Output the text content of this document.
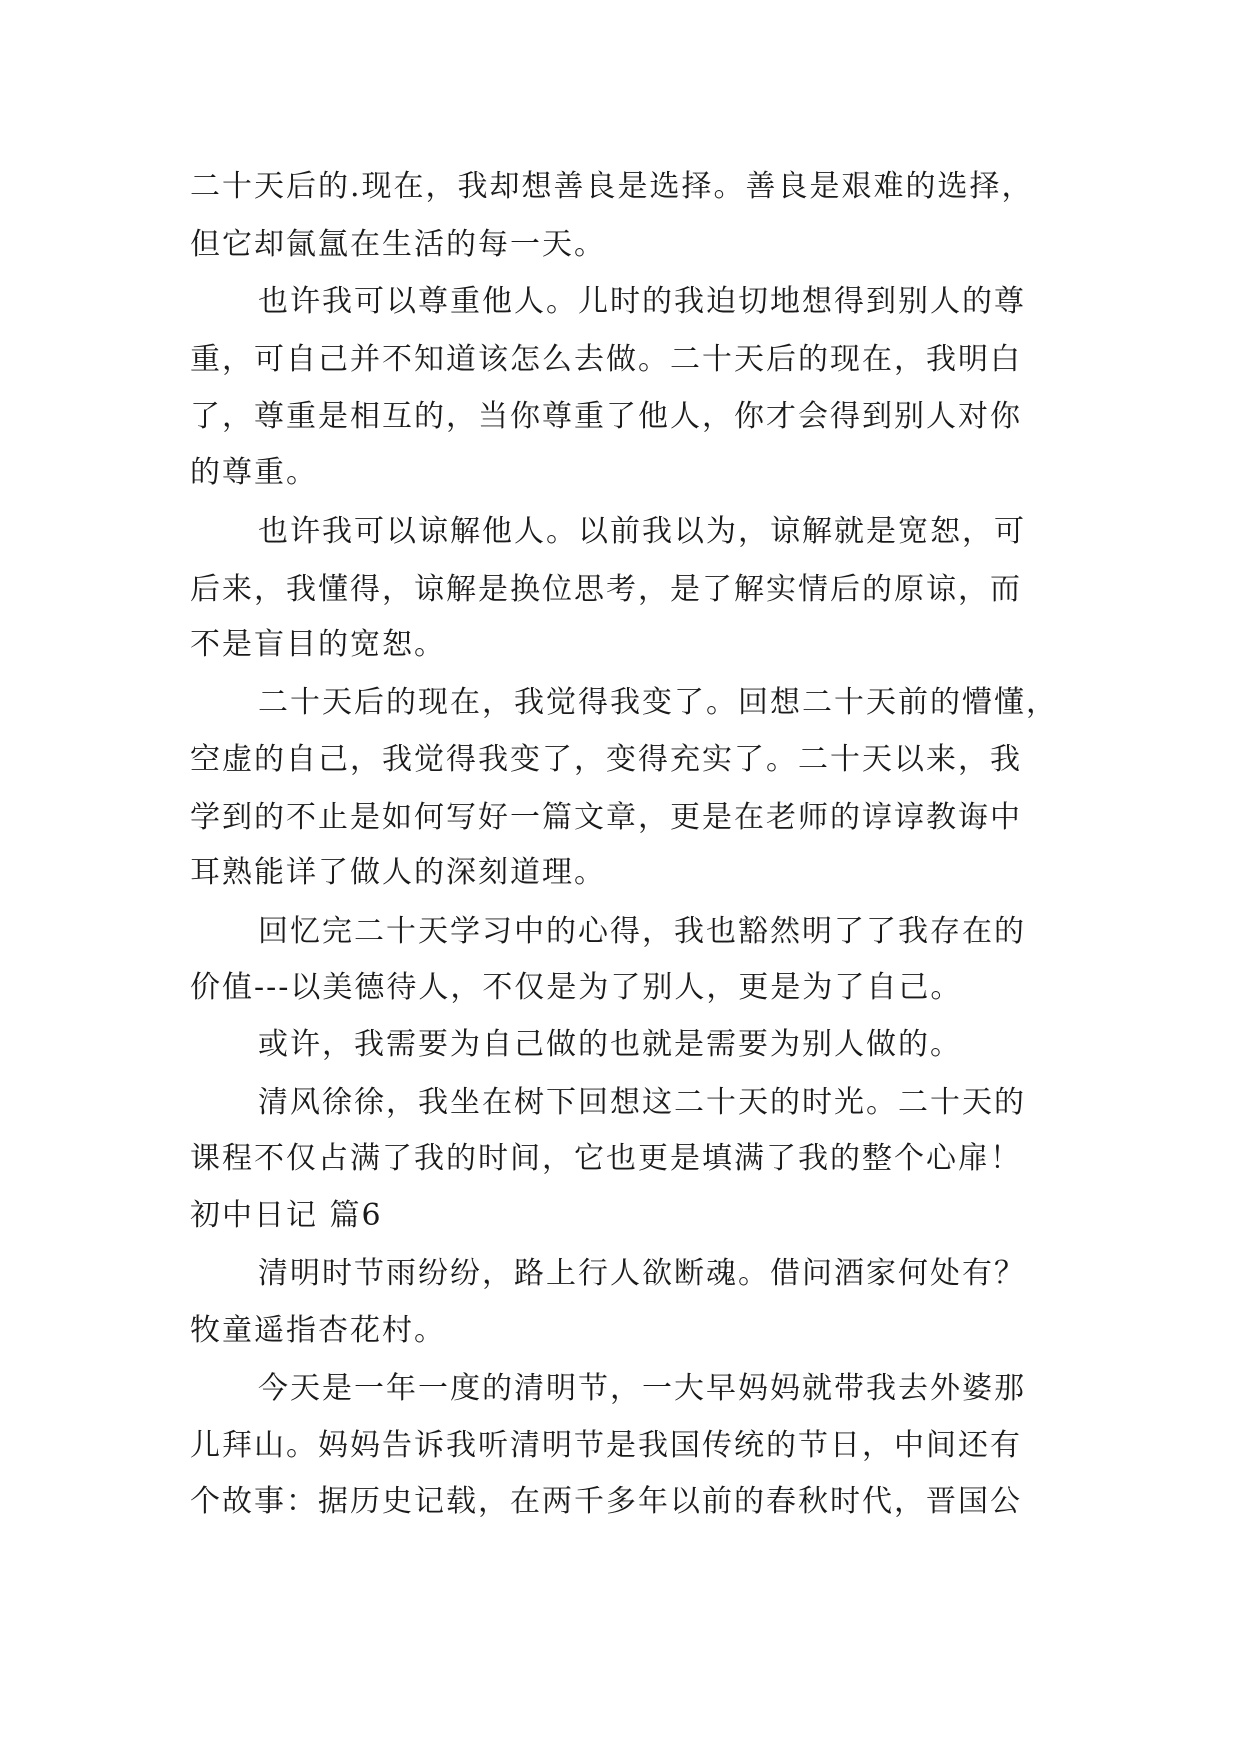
二十天后的.现在，我却想善良是选择。善良是艰难的选择，
但它却氤氲在生活的每一天。
也许我可以尊重他人。儿时的我迫切地想得到别人的尊
重，可自己并不知道该怎么去做。二十天后的现在，我明白
了，尊重是相互的，当你尊重了他人，你才会得到别人对你
的尊重。
也许我可以谅解他人。以前我以为，谅解就是宽恕，可
后来，我懂得，谅解是换位思考，是了解实情后的原谅，而
不是盲目的宽恕。
二十天后的现在，我觉得我变了。回想二十天前的懵懂，
空虚的自己，我觉得我变了，变得充实了。二十天以来，我
学到的不止是如何写好一篇文章，更是在老师的谆谆教诲中
耳熟能详了做人的深刻道理。
回忆完二十天学习中的心得，我也豁然明了了我存在的
价值---以美德待人，不仅是为了别人，更是为了自己。
或许，我需要为自己做的也就是需要为别人做的。
清风徐徐，我坐在树下回想这二十天的时光。二十天的
课程不仅占满了我的时间，它也更是填满了我的整个心扉！
初中日记 篇6
清明时节雨纷纷，路上行人欲断魂。借问酒家何处有？
牧童遥指杏花村。
今天是一年一度的清明节，一大早妈妈就带我去外婆那
儿拜山。妈妈告诉我听清明节是我国传统的节日，中间还有
个故事：据历史记载，在两千多年以前的春秋时代，晋国公
